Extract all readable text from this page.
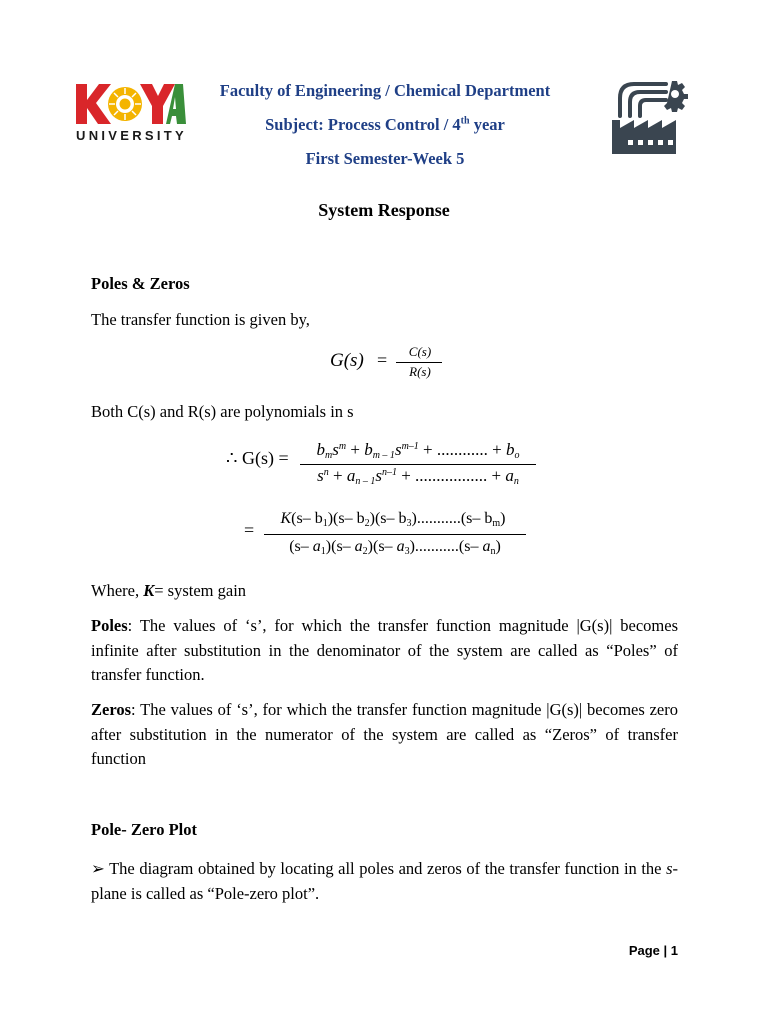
UNIVERSITY
Faculty of Engineering / Chemical Department
Subject: Process Control / 4th year
First Semester-Week 5
System Response
Poles & Zeros
The transfer function is given by,
G(s) =	C(s)
R(s)
Both C(s) and R(s) are polynomials in s
∴ G(s) =	$b_ms^m + b_{m - 1}s^{m-1}$ + ............ + $b_o$
$s^n + a_{n - 1}s^{n-1}$ + ................. + $a_n$
=
K(s– $b_1)(s-$ $b_2)(s-$ $b_3)...........(s-$ $b_m$)
(s– $a_1)(s-$ $a_2)(s-$ $a_3)...........(s-$ $a_n$)
Where, K= system gain
Poles: The values of ‘s’, for which the transfer function magnitude |G(s)| becomes infinite after substitution in the denominator of the system are called as “Poles” of transfer function.
Zeros: The values of ‘s’, for which the transfer function magnitude |G(s)| becomes zero after substitution in the numerator of the system are called as “Zeros” of transfer function
Pole- Zero Plot
➢ The diagram obtained by locating all poles and zeros of the transfer function in the s-plane is called as “Pole-zero plot”.
Page | 1
